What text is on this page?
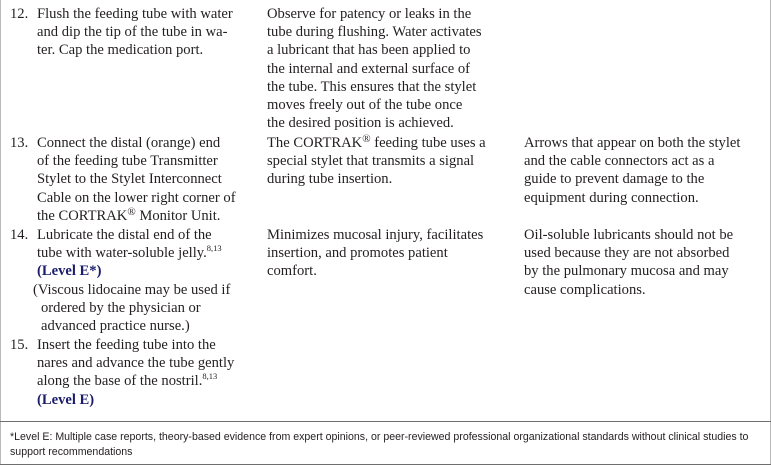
12. Flush the feeding tube with water
and dip the tip of the tube in wa-
ter. Cap the medication port.
Observe for patency or leaks in the
tube during flushing. Water activates
a lubricant that has been applied to
the internal and external surface of
the tube. This ensures that the stylet
moves freely out of the tube once
the desired position is achieved.
13. Connect the distal (orange) end
of the feeding tube Transmitter
Stylet to the Stylet Interconnect
Cable on the lower right corner of
the CORTRAK® Monitor Unit.
The CORTRAK® feeding tube uses a
special stylet that transmits a signal
during tube insertion.
Arrows that appear on both the stylet
and the cable connectors act as a
guide to prevent damage to the
equipment during connection.
14. Lubricate the distal end of the
tube with water-soluble jelly.$^{8,13}$
(Level E*)
(Viscous lidocaine may be used if
ordered by the physician or
advanced practice nurse.)
Minimizes mucosal injury, facilitates
insertion, and promotes patient
comfort.
Oil-soluble lubricants should not be
used because they are not absorbed
by the pulmonary mucosa and may
cause complications.
15. Insert the feeding tube into the
nares and advance the tube gently
along the base of the nostril.$^{8,13}$
(Level E)
*Level E: Multiple case reports, theory-based evidence from expert opinions, or peer-reviewed professional organizational standards without clinical studies to support recommendations
